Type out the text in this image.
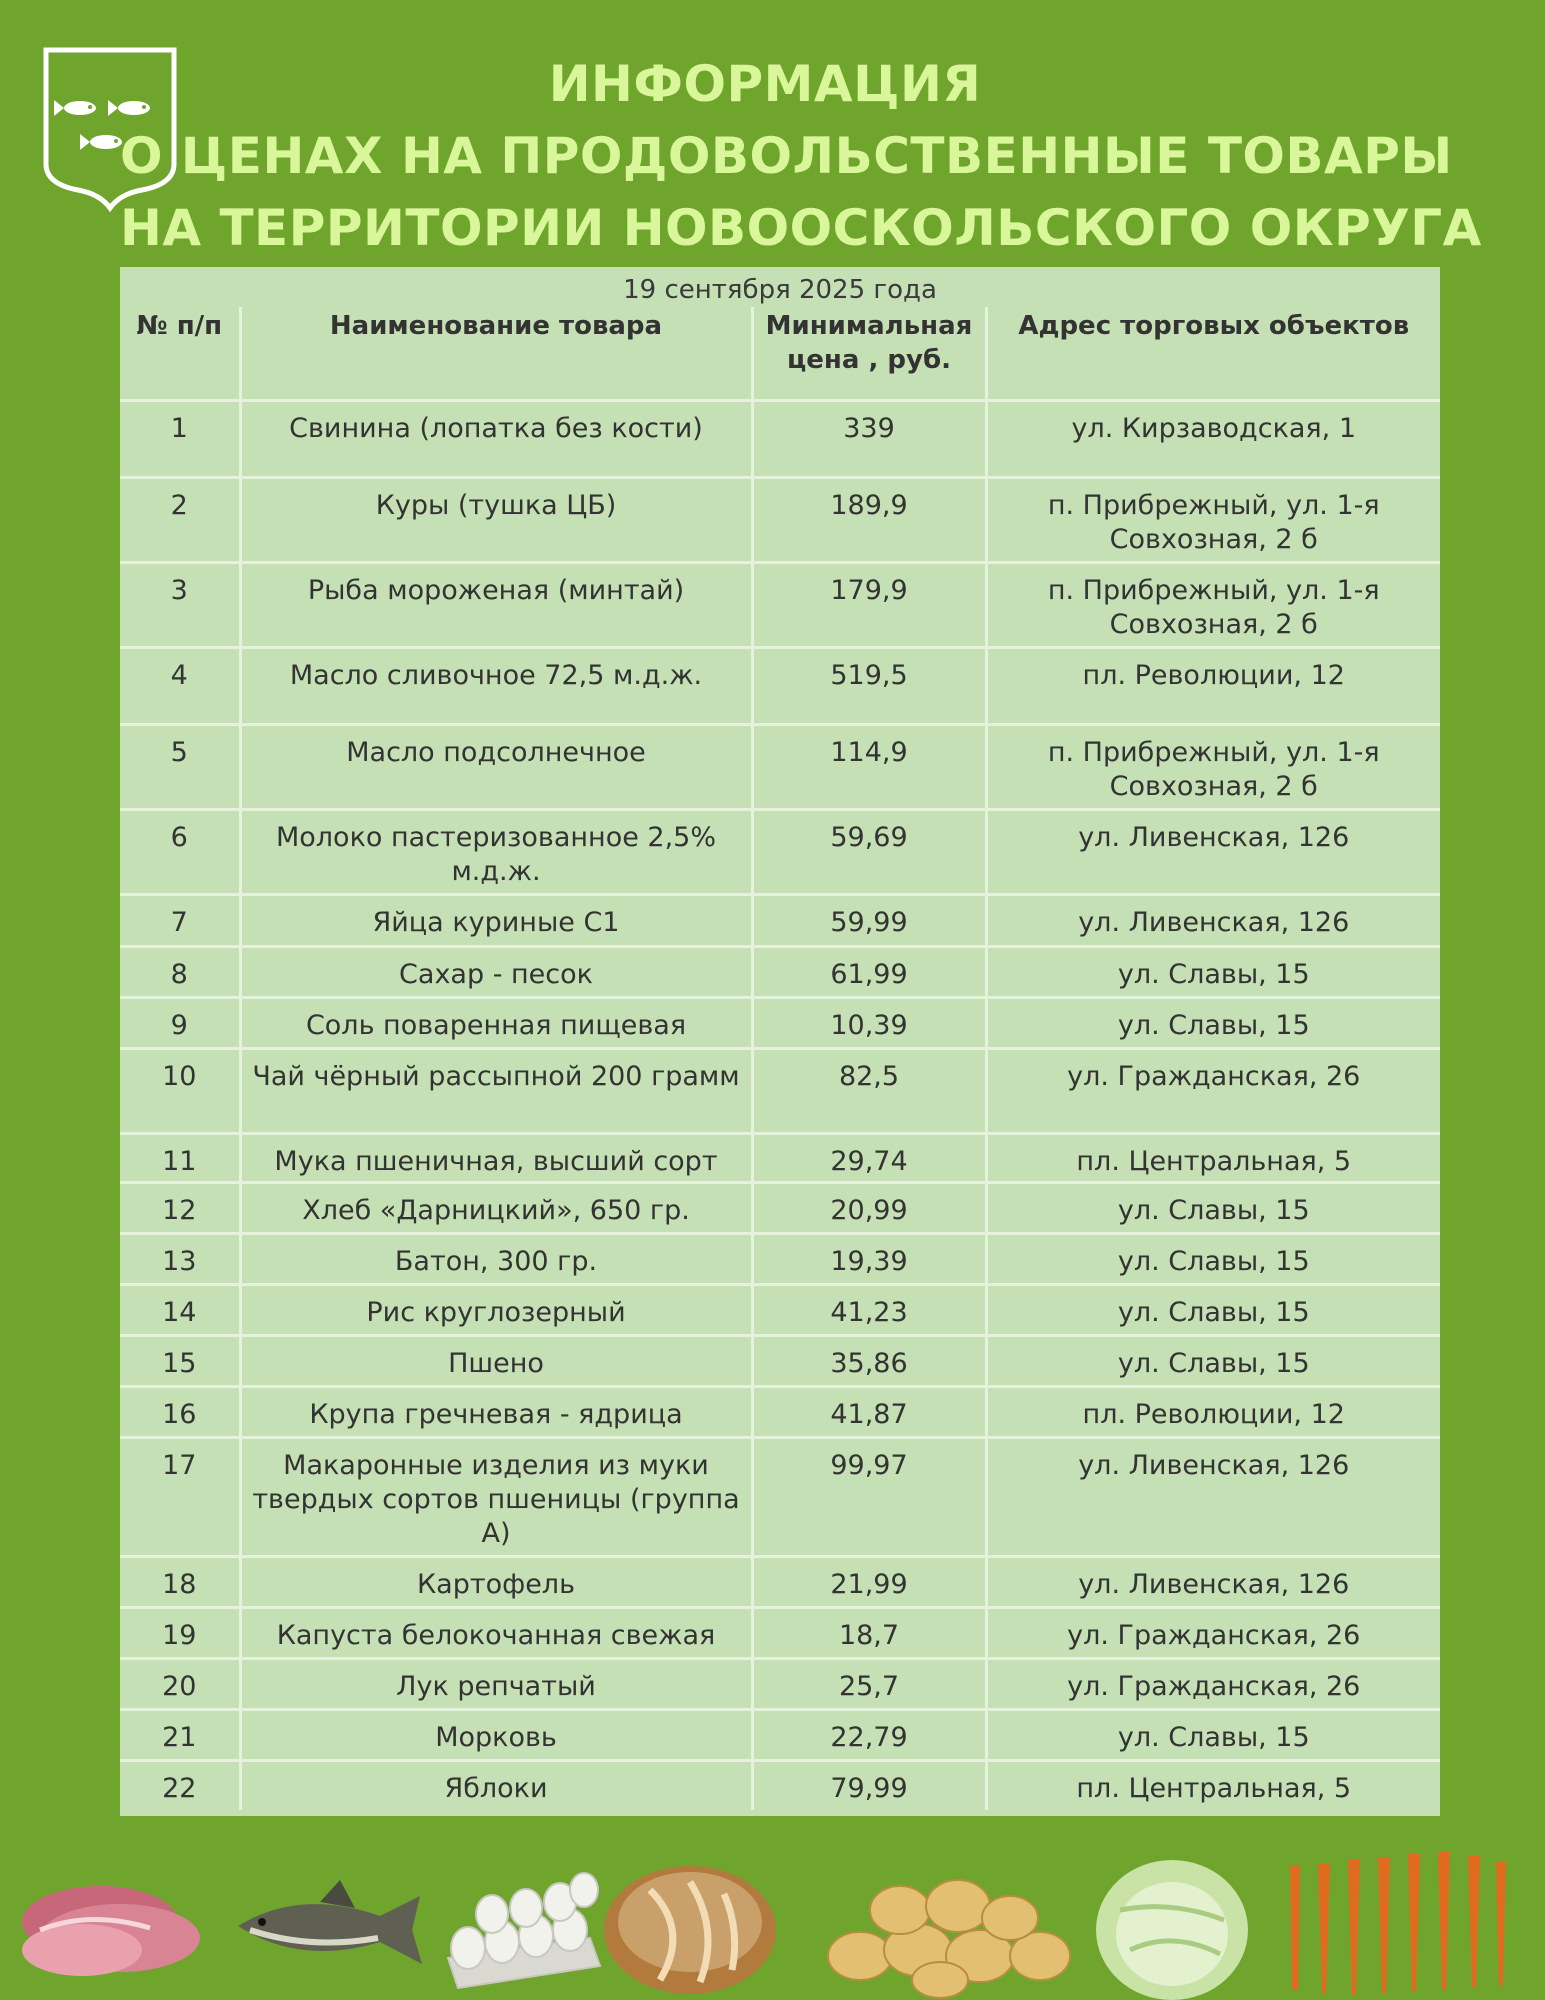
ИНФОРМАЦИЯ
О ЦЕНАХ НА ПРОДОВОЛЬСТВЕННЫЕ ТОВАРЫ
НА ТЕРРИТОРИИ НОВООСКОЛЬСКОГО ОКРУГА
19 сентября 2025 года
№ п/п	Наименование товара	Минимальная цена , руб.	Адрес торговых объектов
1	Свинина (лопатка без кости)	339	ул. Кирзаводская, 1
2	Куры (тушка ЦБ)	189,9	п. Прибрежный, ул. 1-я Совхозная, 2 б
3	Рыба мороженая (минтай)	179,9	п. Прибрежный, ул. 1-я Совхозная, 2 б
4	Масло сливочное 72,5 м.д.ж.	519,5	пл. Революции, 12
5	Масло подсолнечное	114,9	п. Прибрежный, ул. 1-я Совхозная, 2 б
6	Молоко пастеризованное 2,5% м.д.ж.	59,69	ул. Ливенская, 126
7	Яйца куриные С1	59,99	ул. Ливенская, 126
8	Сахар - песок	61,99	ул. Славы, 15
9	Соль поваренная пищевая	10,39	ул. Славы, 15
10	Чай чёрный рассыпной 200 грамм	82,5	ул. Гражданская, 26
11	Мука пшеничная, высший сорт	29,74	пл. Центральная, 5
12	Хлеб «Дарницкий», 650 гр.	20,99	ул. Славы, 15
13	Батон, 300 гр.	19,39	ул. Славы, 15
14	Рис круглозерный	41,23	ул. Славы, 15
15	Пшено	35,86	ул. Славы, 15
16	Крупа гречневая - ядрица	41,87	пл. Революции, 12
17	Макаронные изделия из муки твердых сортов пшеницы (группа А)	99,97	ул. Ливенская, 126
18	Картофель	21,99	ул. Ливенская, 126
19	Капуста белокочанная свежая	18,7	ул. Гражданская, 26
20	Лук репчатый	25,7	ул. Гражданская, 26
21	Морковь	22,79	ул. Славы, 15
22	Яблоки	79,99	пл. Центральная, 5
